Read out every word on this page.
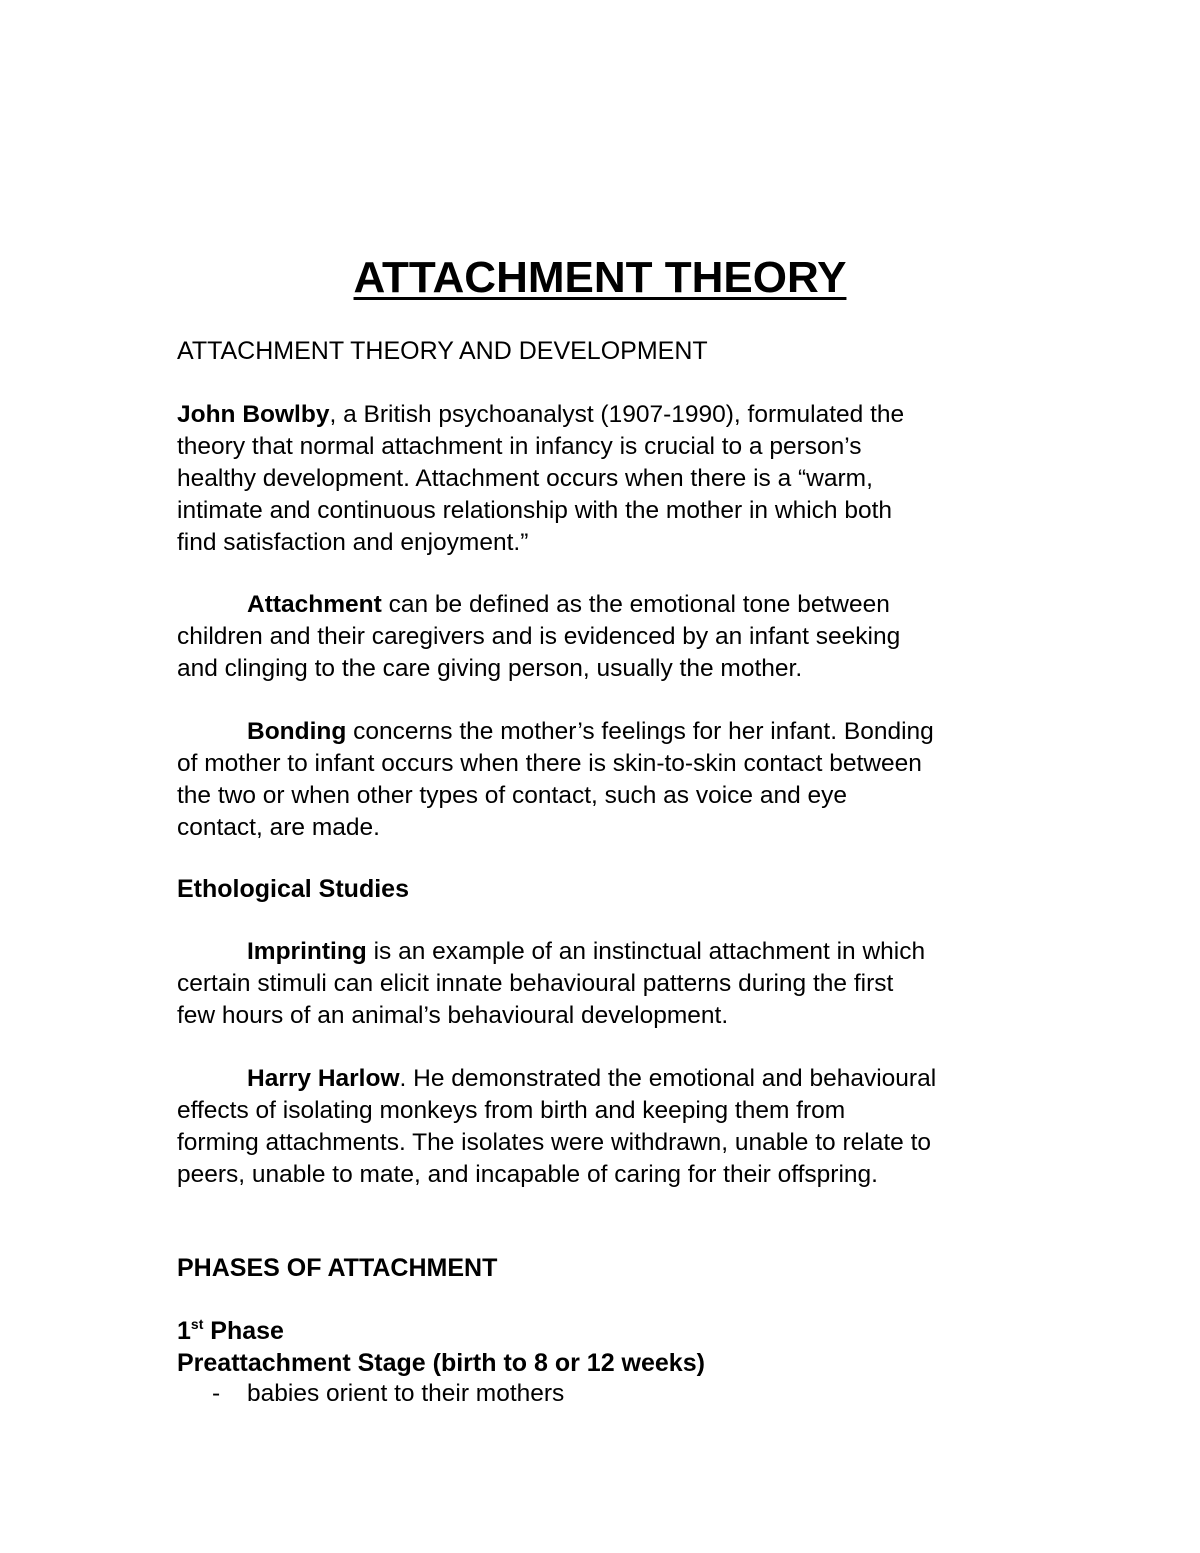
ATTACHMENT THEORY
ATTACHMENT THEORY AND DEVELOPMENT

John Bowlby, a British psychoanalyst (1907-1990), formulated the
theory that normal attachment in infancy is crucial to a person’s
healthy development. Attachment occurs when there is a “warm,
intimate and continuous relationship with the mother in which both
find satisfaction and enjoyment.”

Attachment can be defined as the emotional tone between
children and their caregivers and is evidenced by an infant seeking
and clinging to the care giving person, usually the mother.

Bonding concerns the mother’s feelings for her infant. Bonding
of mother to infant occurs when there is skin-to-skin contact between
the two or when other types of contact, such as voice and eye
contact, are made.

Ethological Studies

Imprinting is an example of an instinctual attachment in which
certain stimuli can elicit innate behavioural patterns during the first
few hours of an animal’s behavioural development.

Harry Harlow. He demonstrated the emotional and behavioural
effects of isolating monkeys from birth and keeping them from
forming attachments. The isolates were withdrawn, unable to relate to
peers, unable to mate, and incapable of caring for their offspring.

PHASES OF ATTACHMENT
1st Phase
Preattachment Stage (birth to 8 or 12 weeks)
- babies orient to their mothers
